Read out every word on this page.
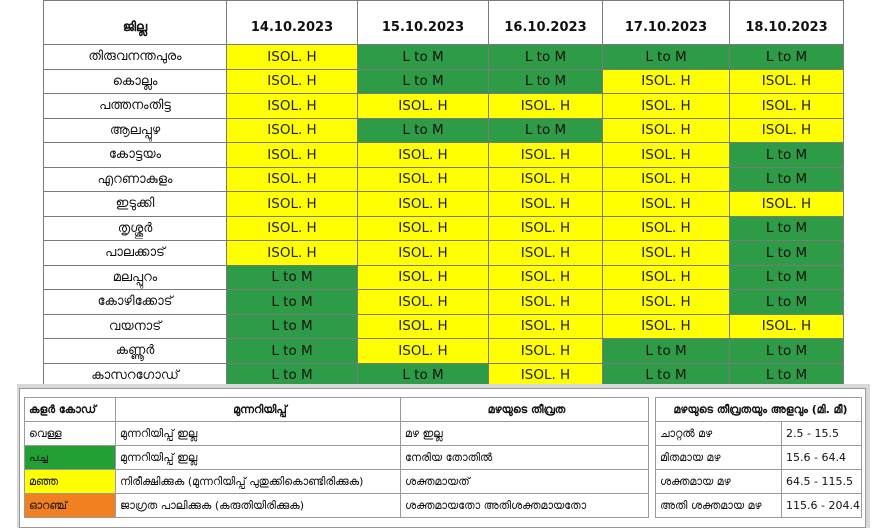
ജില്ല	14.10.2023	15.10.2023	16.10.2023	17.10.2023	18.10.2023
തിരുവനന്തപുരം	ISOL. H	L to M	L to M	L to M	L to M
കൊല്ലം	ISOL. H	L to M	L to M	ISOL. H	ISOL. H
പത്തനംതിട്ട	ISOL. H	ISOL. H	ISOL. H	ISOL. H	ISOL. H
ആലപ്പുഴ	ISOL. H	L to M	L to M	ISOL. H	ISOL. H
കോട്ടയം	ISOL. H	ISOL. H	ISOL. H	ISOL. H	L to M
എറണാകുളം	ISOL. H	ISOL. H	ISOL. H	ISOL. H	L to M
ഇടുക്കി	ISOL. H	ISOL. H	ISOL. H	ISOL. H	ISOL. H
തൃശ്ശൂർ	ISOL. H	ISOL. H	ISOL. H	ISOL. H	L to M
പാലക്കാട്	ISOL. H	ISOL. H	ISOL. H	ISOL. H	L to M
മലപ്പുറം	L to M	ISOL. H	ISOL. H	ISOL. H	L to M
കോഴിക്കോട്	L to M	ISOL. H	ISOL. H	ISOL. H	L to M
വയനാട്	L to M	ISOL. H	ISOL. H	ISOL. H	ISOL. H
കണ്ണൂർ	L to M	ISOL. H	ISOL. H	L to M	L to M
കാസറഗോഡ്	L to M	L to M	ISOL. H	L to M	L to M
കളർ കോഡ്	മുന്നറിയിപ്പ്	മഴയുടെ തീവ്രത
വെള്ള	മുന്നറിയിപ്പ് ഇല്ല	മഴ ഇല്ല
പച്ച	മുന്നറിയിപ്പ് ഇല്ല	നേരിയ തോതിൽ
മഞ്ഞ	നിരീക്ഷിക്കുക (മുന്നറിയിപ്പ് പുതുക്കികൊണ്ടിരിക്കുക)	ശക്തമായത്
ഓറഞ്ച്	ജാഗ്രത പാലിക്കുക (കരുതിയിരിക്കുക)	ശക്തമായതോ അതിശക്തമായതോ
മഴയുടെ തീവ്രതയും അളവും (മി. മീ)	
ചാറ്റൽ മഴ	2.5 - 15.5
മിതമായ മഴ	15.6 - 64.4
ശക്തമായ മഴ	64.5 - 115.5
അതി ശക്തമായ മഴ	115.6 - 204.4
